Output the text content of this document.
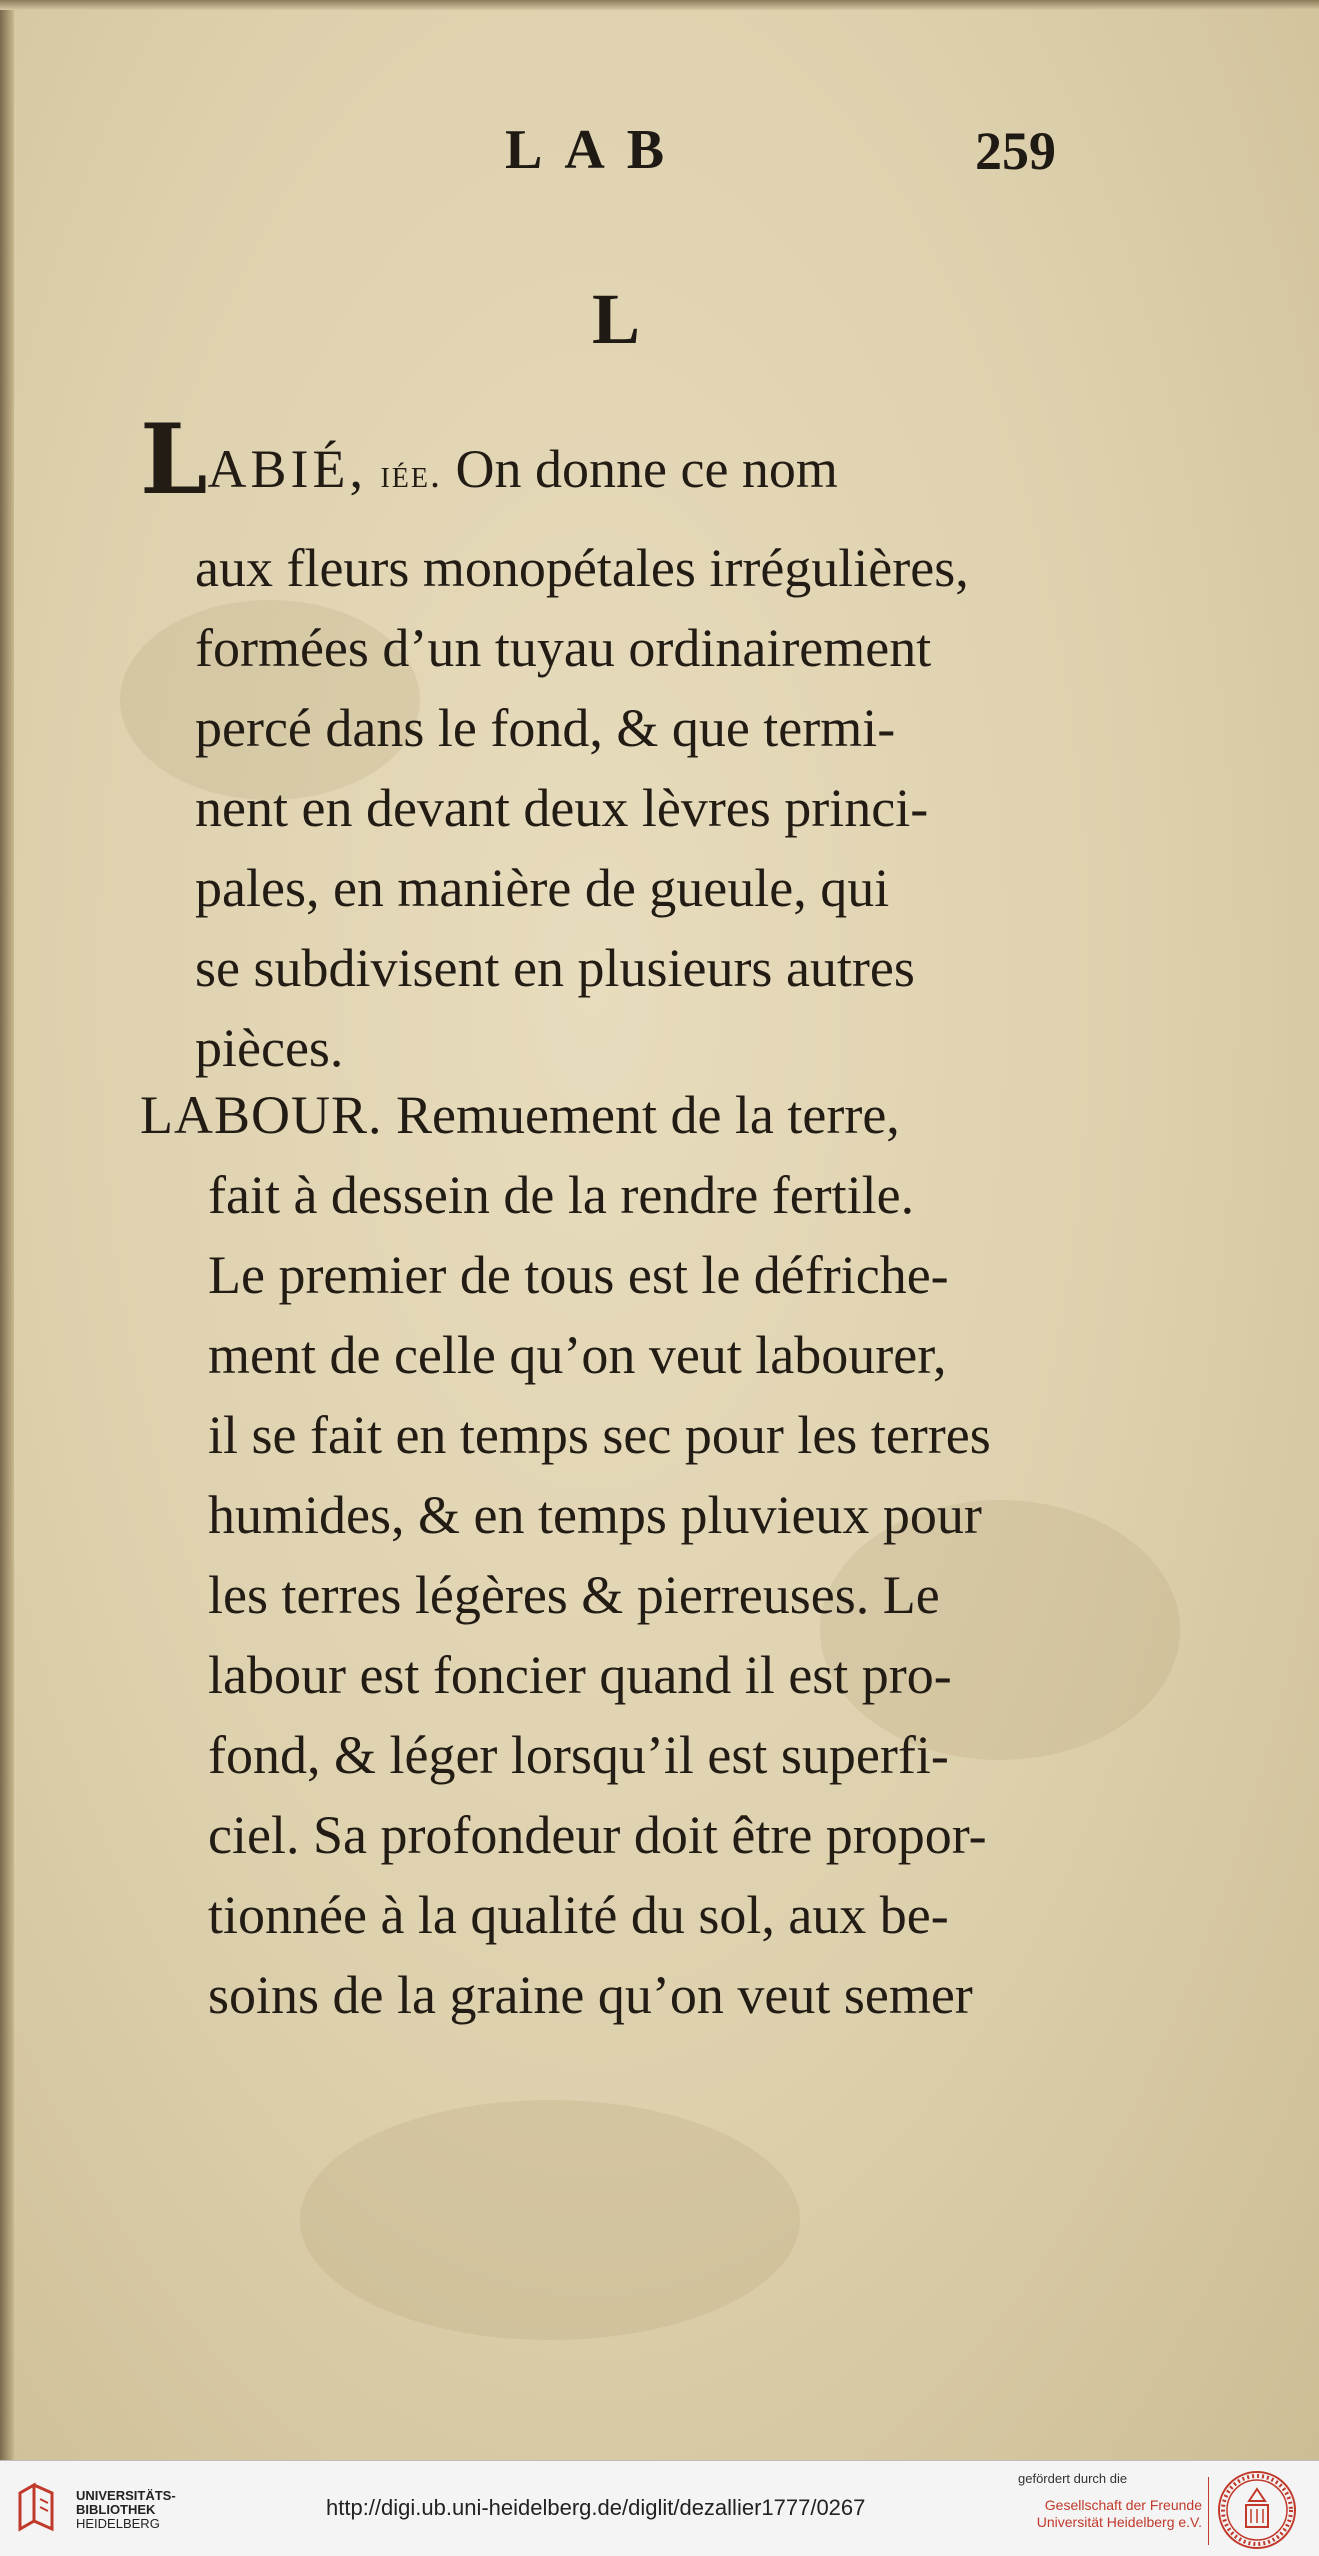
LAB	259
L
LABIÉ, iée. On donne ce nom
aux fleurs monopétales irrégulières,
formées d’un tuyau ordinairement
percé dans le fond, & que termi-
nent en devant deux lèvres princi-
pales, en manière de gueule, qui
se subdivisent en plusieurs autres
pièces.
LABOUR. Remuement de la terre,
fait à dessein de la rendre fertile.
Le premier de tous est le défriche-
ment de celle qu’on veut labourer,
il se fait en temps sec pour les terres
humides, & en temps pluvieux pour
les terres légères & pierreuses. Le
labour est foncier quand il est pro-
fond, & léger lorsqu’il est superfi-
ciel. Sa profondeur doit être propor-
tionnée à la qualité du sol, aux be-
soins de la graine qu’on veut semer
UNIVERSITÄTS-
BIBLIOTHEK
HEIDELBERG
http://digi.ub.uni-heidelberg.de/diglit/dezallier1777/0267
gefördert durch die
Gesellschaft der Freunde
Universität Heidelberg e.V.
